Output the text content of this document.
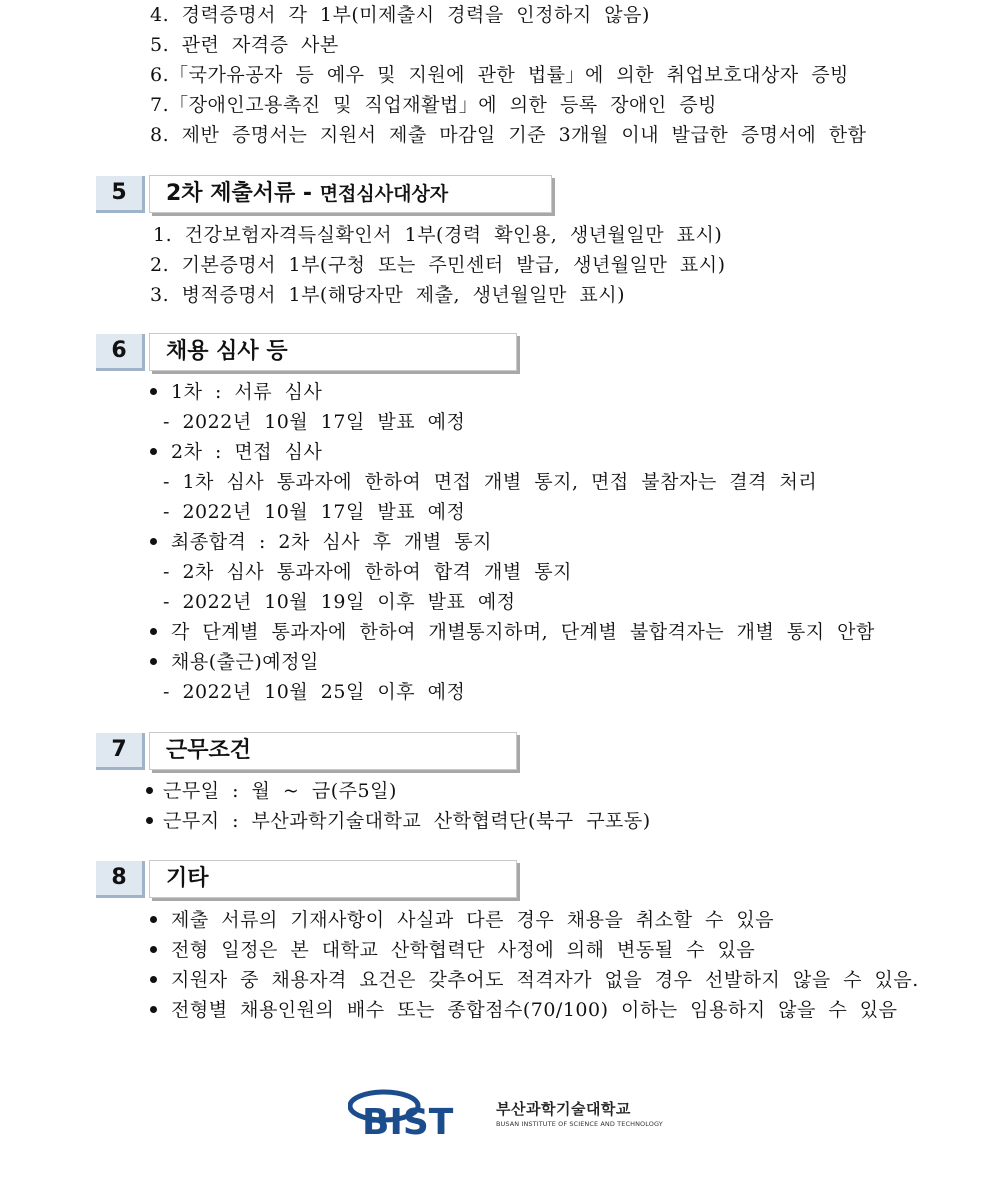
4. 경력증명서 각 1부(미제출시 경력을 인정하지 않음)
5. 관련 자격증 사본
6.「국가유공자 등 예우 및 지원에 관한 법률」에 의한 취업보호대상자 증빙
7.「장애인고용촉진 및 직업재활법」에 의한 등록 장애인 증빙
8. 제반 증명서는 지원서 제출 마감일 기준 3개월 이내 발급한 증명서에 한함
5	2차 제출서류 - 면접심사대상자
1. 건강보험자격득실확인서 1부(경력 확인용, 생년월일만 표시)
2. 기본증명서 1부(구청 또는 주민센터 발급, 생년월일만 표시)
3. 병적증명서 1부(해당자만 제출, 생년월일만 표시)
6	채용 심사 등
1차 : 서류 심사
- 2022년 10월 17일 발표 예정
2차 : 면접 심사
- 1차 심사 통과자에 한하여 면접 개별 통지, 면접 불참자는 결격 처리
- 2022년 10월 17일 발표 예정
최종합격 : 2차 심사 후 개별 통지
- 2차 심사 통과자에 한하여 합격 개별 통지
- 2022년 10월 19일 이후 발표 예정
각 단계별 통과자에 한하여 개별통지하며, 단계별 불합격자는 개별 통지 안함
채용(출근)예정일
- 2022년 10월 25일 이후 예정
7	근무조건
근무일 : 월 ~ 금(주5일)
근무지 : 부산과학기술대학교 산학협력단(북구 구포동)
8	기타
제출 서류의 기재사항이 사실과 다른 경우 채용을 취소할 수 있음
전형 일정은 본 대학교 산학협력단 사정에 의해 변동될 수 있음
지원자 중 채용자격 요건은 갖추어도 적격자가 없을 경우 선발하지 않을 수 있음.
전형별 채용인원의 배수 또는 종합점수(70/100) 이하는 임용하지 않을 수 있음
BIST	부산과학기술대학교
BUSAN INSTITUTE OF SCIENCE AND TECHNOLOGY
